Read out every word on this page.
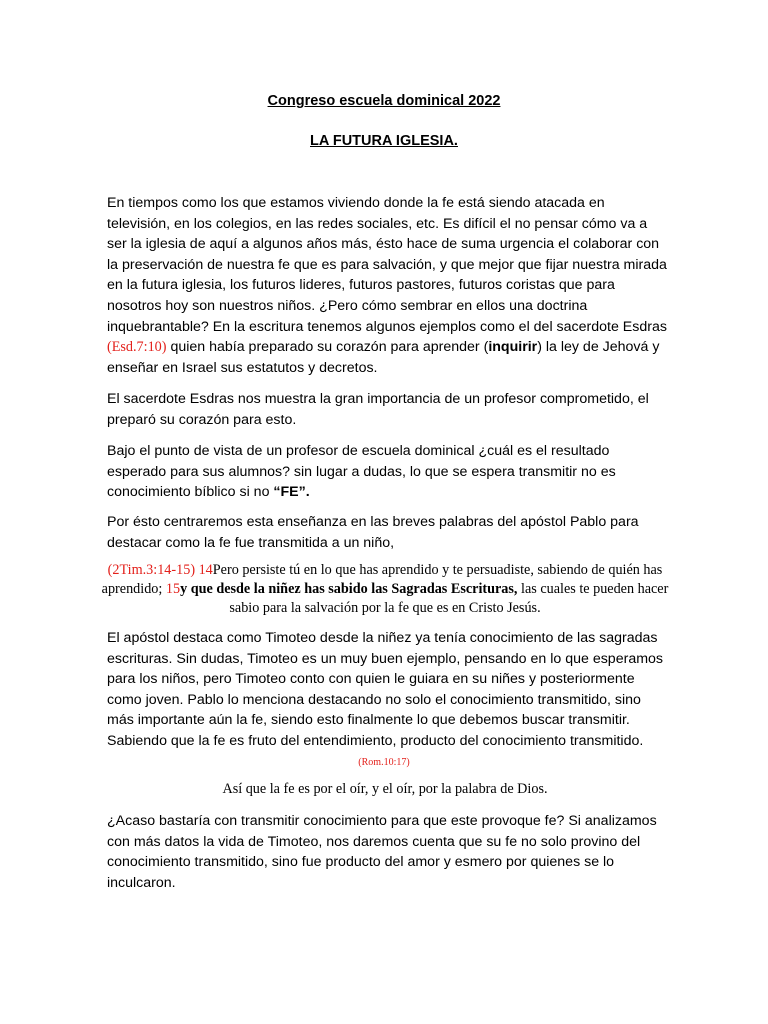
Congreso escuela dominical 2022
LA FUTURA IGLESIA.
En tiempos como los que estamos viviendo donde la fe está siendo atacada en televisión, en los colegios, en las redes sociales, etc. Es difícil el no pensar cómo va a ser la iglesia de aquí a algunos años más, ésto hace de suma urgencia el colaborar con la preservación de nuestra fe que es para salvación, y que mejor que fijar nuestra mirada en la futura iglesia, los futuros lideres, futuros pastores, futuros coristas que para nosotros hoy son nuestros niños. ¿Pero cómo sembrar en ellos una doctrina inquebrantable? En la escritura tenemos algunos ejemplos como el del sacerdote Esdras (Esd.7:10) quien había preparado su corazón para aprender (inquirir) la ley de Jehová y enseñar en Israel sus estatutos y decretos.
El sacerdote Esdras nos muestra la gran importancia de un profesor comprometido, el preparó su corazón para esto.
Bajo el punto de vista de un profesor de escuela dominical ¿cuál es el resultado esperado para sus alumnos? sin lugar a dudas, lo que se espera transmitir no es conocimiento bíblico si no “FE”.
Por ésto centraremos esta enseñanza en las breves palabras del apóstol Pablo para destacar como la fe fue transmitida a un niño,
(2Tim.3:14-15) 14Pero persiste tú en lo que has aprendido y te persuadiste, sabiendo de quién has aprendido; 15y que desde la niñez has sabido las Sagradas Escrituras, las cuales te pueden hacer sabio para la salvación por la fe que es en Cristo Jesús.
El apóstol destaca como Timoteo desde la niñez ya tenía conocimiento de las sagradas escrituras. Sin dudas, Timoteo es un muy buen ejemplo, pensando en lo que esperamos para los niños, pero Timoteo conto con quien le guiara en su niñes y posteriormente como joven. Pablo lo menciona destacando no solo el conocimiento transmitido, sino más importante aún la fe, siendo esto finalmente lo que debemos buscar transmitir. Sabiendo que la fe es fruto del entendimiento, producto del conocimiento transmitido.
(Rom.10:17)
Así que la fe es por el oír, y el oír, por la palabra de Dios.
¿Acaso bastaría con transmitir conocimiento para que este provoque fe? Si analizamos con más datos la vida de Timoteo, nos daremos cuenta que su fe no solo provino del conocimiento transmitido, sino fue producto del amor y esmero por quienes se lo inculcaron.
